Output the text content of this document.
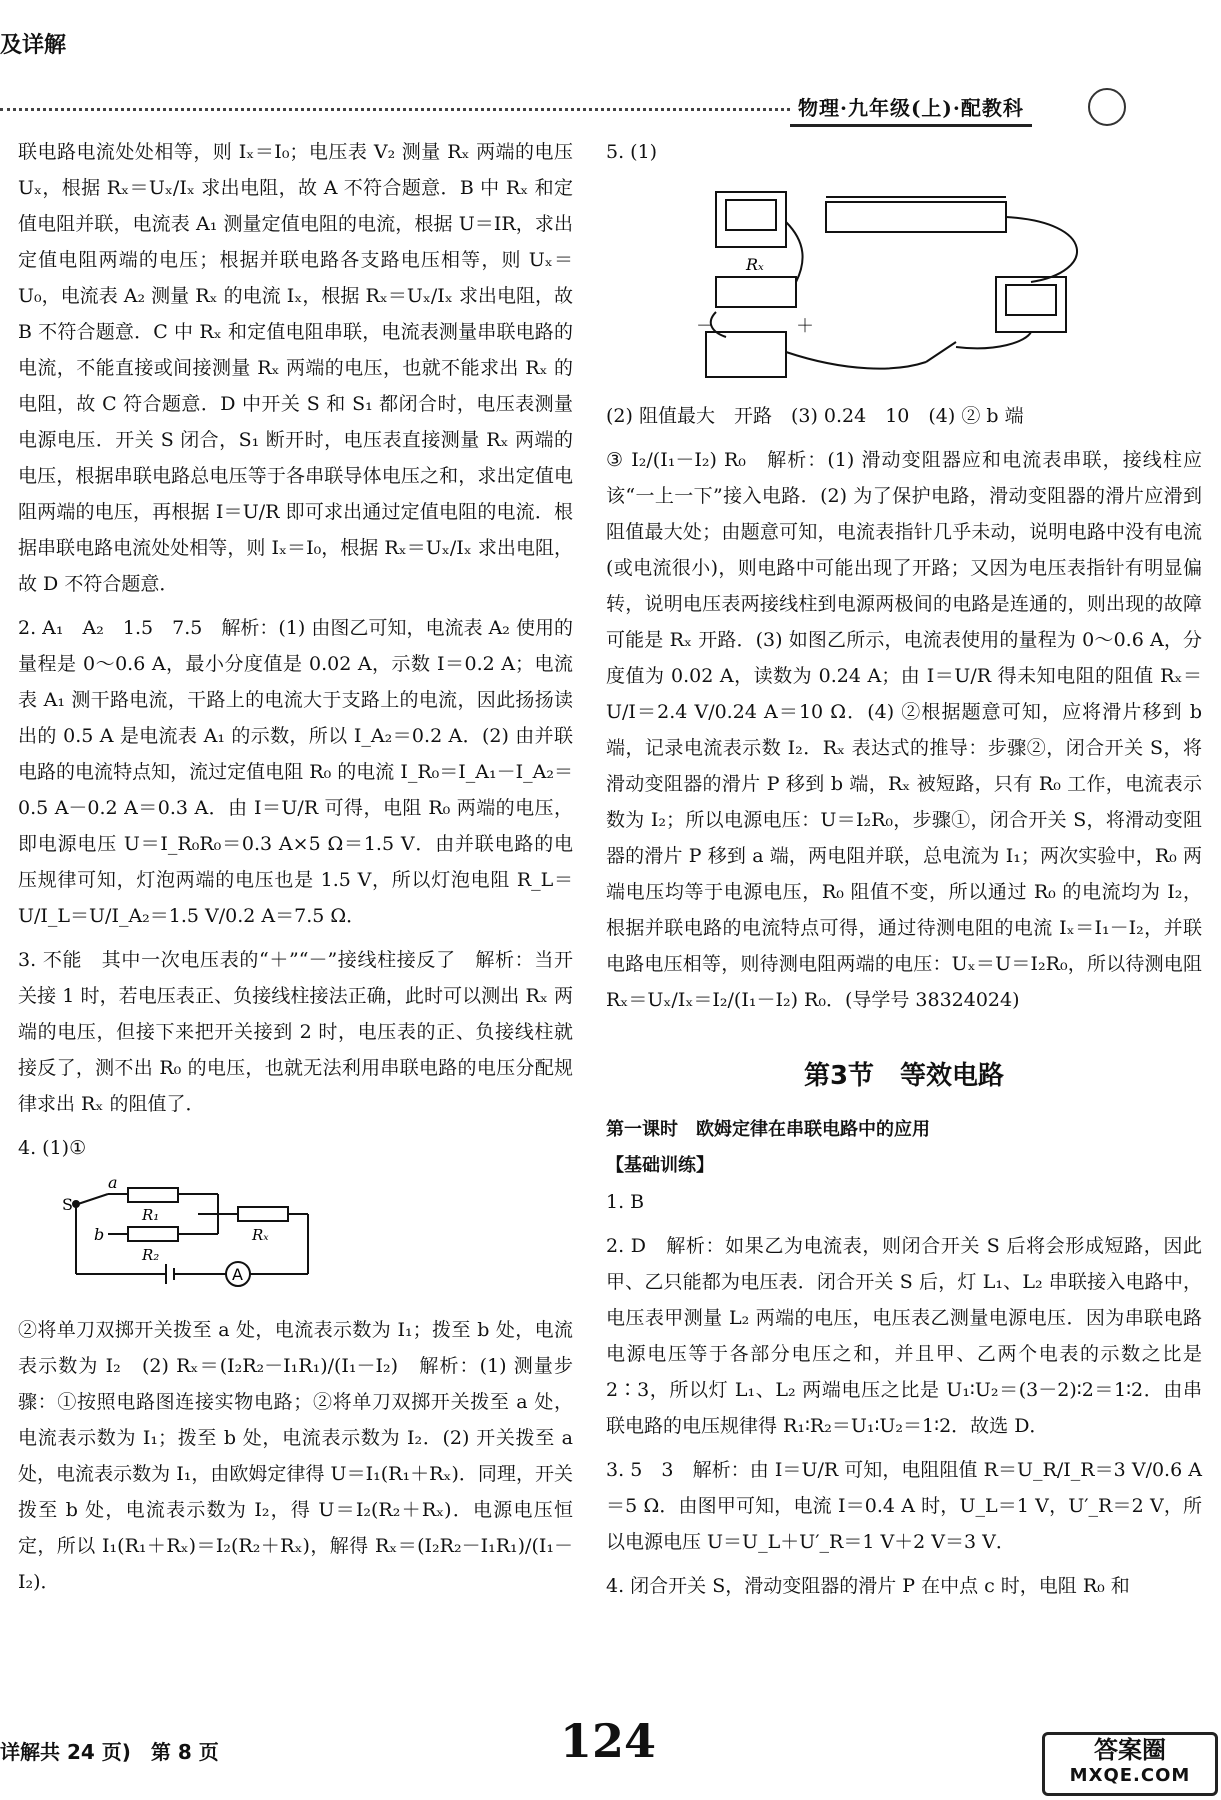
及详解
物理·九年级(上)·配教科

联电路电流处处相等，则 Iₓ＝I₀；电压表 V₂ 测量 Rₓ 两端的电压 Uₓ，根据 Rₓ＝Uₓ/Iₓ 求出电阻，故 A 不符合题意．B 中 Rₓ 和定值电阻并联，电流表 A₁ 测量定值电阻的电流，根据 U＝IR，求出定值电阻两端的电压；根据并联电路各支路电压相等，则 Uₓ＝U₀，电流表 A₂ 测量 Rₓ 的电流 Iₓ，根据 Rₓ＝Uₓ/Iₓ 求出电阻，故 B 不符合题意．C 中 Rₓ 和定值电阻串联，电流表测量串联电路的电流，不能直接或间接测量 Rₓ 两端的电压，也就不能求出 Rₓ 的电阻，故 C 符合题意．D 中开关 S 和 S₁ 都闭合时，电压表测量电源电压．开关 S 闭合，S₁ 断开时，电压表直接测量 Rₓ 两端的电压，根据串联电路总电压等于各串联导体电压之和，求出定值电阻两端的电压，再根据 I＝U/R 即可求出通过定值电阻的电流．根据串联电路电流处处相等，则 Iₓ＝I₀，根据 Rₓ＝Uₓ/Iₓ 求出电阻，故 D 不符合题意．

2. A₁　A₂　1.5　7.5　解析：(1) 由图乙可知，电流表 A₂ 使用的量程是 0～0.6 A，最小分度值是 0.02 A，示数 I＝0.2 A；电流表 A₁ 测干路电流，干路上的电流大于支路上的电流，因此扬扬读出的 0.5 A 是电流表 A₁ 的示数，所以 I_A₂＝0.2 A．(2) 由并联电路的电流特点知，流过定值电阻 R₀ 的电流 I_R₀＝I_A₁－I_A₂＝0.5 A－0.2 A＝0.3 A．由 I＝U/R 可得，电阻 R₀ 两端的电压，即电源电压 U＝I_R₀R₀＝0.3 A×5 Ω＝1.5 V．由并联电路的电压规律可知，灯泡两端的电压也是 1.5 V，所以灯泡电阻 R_L＝U/I_L＝U/I_A₂＝1.5 V/0.2 A＝7.5 Ω．

3. 不能　其中一次电压表的“＋”“－”接线柱接反了　解析：当开关接 1 时，若电压表正、负接线柱接法正确，此时可以测出 Rₓ 两端的电压，但接下来把开关接到 2 时，电压表的正、负接线柱就接反了，测不出 R₀ 的电压，也就无法利用串联电路的电压分配规律求出 Rₓ 的阻值了．

4. (1)①

S
a
b
R₁
Rₓ
R₂
A

②将单刀双掷开关拨至 a 处，电流表示数为 I₁；拨至 b 处，电流表示数为 I₂　(2) Rₓ＝(I₂R₂－I₁R₁)/(I₁－I₂)　解析：(1) 测量步骤：①按照电路图连接实物电路；②将单刀双掷开关拨至 a 处，电流表示数为 I₁；拨至 b 处，电流表示数为 I₂．(2) 开关拨至 a 处，电流表示数为 I₁，由欧姆定律得 U＝I₁(R₁＋Rₓ)．同理，开关拨至 b 处，电流表示数为 I₂，得 U＝I₂(R₂＋Rₓ)．电源电压恒定，所以 I₁(R₁＋Rₓ)＝I₂(R₂＋Rₓ)，解得 Rₓ＝(I₂R₂－I₁R₁)/(I₁－I₂)．

5. (1)

Rₓ
－	＋

(2) 阻值最大　开路　(3) 0.24　10　(4) ② b 端

③ I₂/(I₁－I₂) R₀　解析：(1) 滑动变阻器应和电流表串联，接线柱应该“一上一下”接入电路．(2) 为了保护电路，滑动变阻器的滑片应滑到阻值最大处；由题意可知，电流表指针几乎未动，说明电路中没有电流(或电流很小)，则电路中可能出现了开路；又因为电压表指针有明显偏转，说明电压表两接线柱到电源两极间的电路是连通的，则出现的故障可能是 Rₓ 开路．(3) 如图乙所示，电流表使用的量程为 0～0.6 A，分度值为 0.02 A，读数为 0.24 A；由 I＝U/R 得未知电阻的阻值 Rₓ＝U/I＝2.4 V/0.24 A＝10 Ω．(4) ②根据题意可知，应将滑片移到 b 端，记录电流表示数 I₂．Rₓ 表达式的推导：步骤②，闭合开关 S，将滑动变阻器的滑片 P 移到 b 端，Rₓ 被短路，只有 R₀ 工作，电流表示数为 I₂；所以电源电压：U＝I₂R₀，步骤①，闭合开关 S，将滑动变阻器的滑片 P 移到 a 端，两电阻并联，总电流为 I₁；两次实验中，R₀ 两端电压均等于电源电压，R₀ 阻值不变，所以通过 R₀ 的电流均为 I₂，根据并联电路的电流特点可得，通过待测电阻的电流 Iₓ＝I₁－I₂，并联电路电压相等，则待测电阻两端的电压：Uₓ＝U＝I₂R₀，所以待测电阻 Rₓ＝Uₓ/Iₓ＝I₂/(I₁－I₂) R₀．(导学号 38324024)

第3节　等效电路
第一课时　欧姆定律在串联电路中的应用
【基础训练】

1. B

2. D　解析：如果乙为电流表，则闭合开关 S 后将会形成短路，因此甲、乙只能都为电压表．闭合开关 S 后，灯 L₁、L₂ 串联接入电路中，电压表甲测量 L₂ 两端的电压，电压表乙测量电源电压．因为串联电路电源电压等于各部分电压之和，并且甲、乙两个电表的示数之比是 2∶3，所以灯 L₁、L₂ 两端电压之比是 U₁∶U₂＝(3－2)∶2＝1∶2．由串联电路的电压规律得 R₁∶R₂＝U₁∶U₂＝1∶2．故选 D．

3. 5　3　解析：由 I＝U/R 可知，电阻阻值 R＝U_R/I_R＝3 V/0.6 A＝5 Ω．由图甲可知，电流 I＝0.4 A 时，U_L＝1 V，U′_R＝2 V，所以电源电压 U＝U_L＋U′_R＝1 V＋2 V＝3 V．

4. 闭合开关 S，滑动变阻器的滑片 P 在中点 c 时，电阻 R₀ 和

详解共 24 页)　第 8 页	124	答案圈
MXQE.COM
